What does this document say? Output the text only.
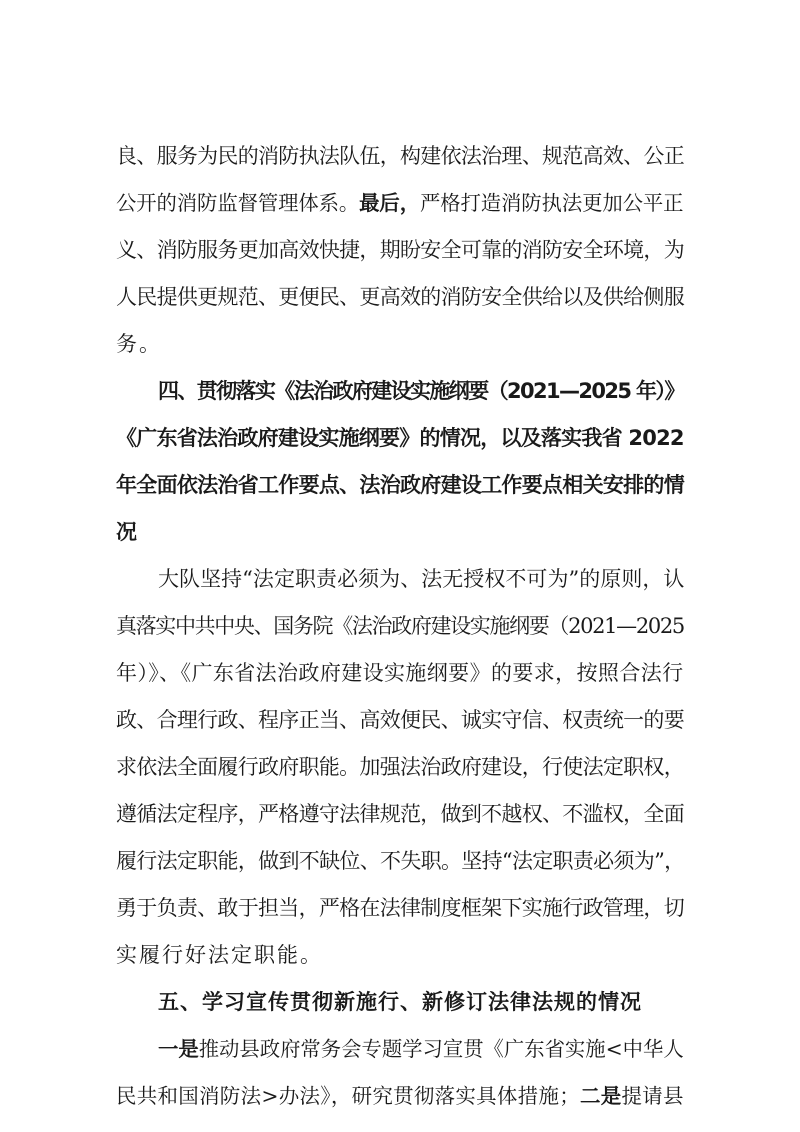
良、服务为民的消防执法队伍，构建依法治理、规范高效、公正
公开的消防监督管理体系。最后，严格打造消防执法更加公平正
义、消防服务更加高效快捷，期盼安全可靠的消防安全环境，为
人民提供更规范、更便民、更高效的消防安全供给以及供给侧服
务。
四、贯彻落实《法治政府建设实施纲要（2021—2025 年）》
《广东省法治政府建设实施纲要》的情况，以及落实我省 2022
年全面依法治省工作要点、法治政府建设工作要点相关安排的情
况
大队坚持“法定职责必须为、法无授权不可为”的原则，认
真落实中共中央、国务院《法治政府建设实施纲要（2021—2025
年）》、《广东省法治政府建设实施纲要》的要求，按照合法行
政、合理行政、程序正当、高效便民、诚实守信、权责统一的要
求依法全面履行政府职能。加强法治政府建设，行使法定职权，
遵循法定程序，严格遵守法律规范，做到不越权、不滥权，全面
履行法定职能，做到不缺位、不失职。坚持“法定职责必须为”，
勇于负责、敢于担当，严格在法律制度框架下实施行政管理，切
实履行好法定职能。
五、学习宣传贯彻新施行、新修订法律法规的情况
一是推动县政府常务会专题学习宣贯《广东省实施<中华人
民共和国消防法>办法》，研究贯彻落实具体措施；二是提请县
